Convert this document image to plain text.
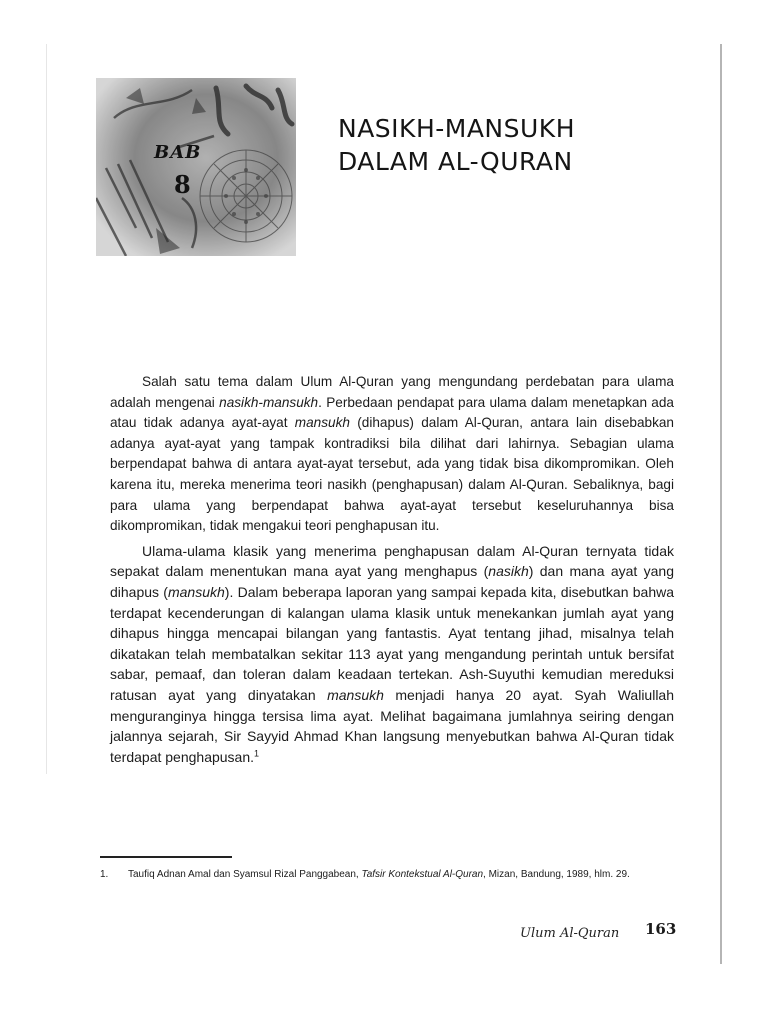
BAB
8
NASIKH-MANSUKH
DALAM AL-QURAN

Salah satu tema dalam Ulum Al-Quran yang mengundang perdebatan para ulama adalah mengenai nasikh-mansukh. Perbedaan pendapat para ulama dalam menetapkan ada atau tidak adanya ayat-ayat mansukh (dihapus) dalam Al-Quran, antara lain disebabkan adanya ayat-ayat yang tampak kontradiksi bila dilihat dari lahirnya. Sebagian ulama berpendapat bahwa di antara ayat-ayat tersebut, ada yang tidak bisa dikompromikan. Oleh karena itu, mereka menerima teori nasikh (penghapusan) dalam Al-Quran. Sebaliknya, bagi para ulama yang berpendapat bahwa ayat-ayat tersebut keseluruhannya bisa dikompromikan, tidak mengakui teori penghapusan itu.

Ulama-ulama klasik yang menerima penghapusan dalam Al-Quran ternyata tidak sepakat dalam menentukan mana ayat yang menghapus (nasikh) dan mana ayat yang dihapus (mansukh). Dalam beberapa laporan yang sampai kepada kita, disebutkan bahwa terdapat kecenderungan di kalangan ulama klasik untuk menekankan jumlah ayat yang dihapus hingga mencapai bilangan yang fantastis. Ayat tentang jihad, misalnya telah dikatakan telah membatalkan sekitar 113 ayat yang mengandung perintah untuk bersifat sabar, pemaaf, dan toleran dalam keadaan tertekan. Ash-Suyuthi kemudian mereduksi ratusan ayat yang dinyatakan mansukh menjadi hanya 20 ayat. Syah Waliullah menguranginya hingga tersisa lima ayat. Melihat bagaimana jumlahnya seiring dengan jalannya sejarah, Sir Sayyid Ahmad Khan langsung menyebutkan bahwa Al-Quran tidak terdapat penghapusan.$^1$

1. Taufiq Adnan Amal dan Syamsul Rizal Panggabean, Tafsir Kontekstual Al-Quran, Mizan, Bandung, 1989, hlm. 29.
Ulum Al-Quran 163
